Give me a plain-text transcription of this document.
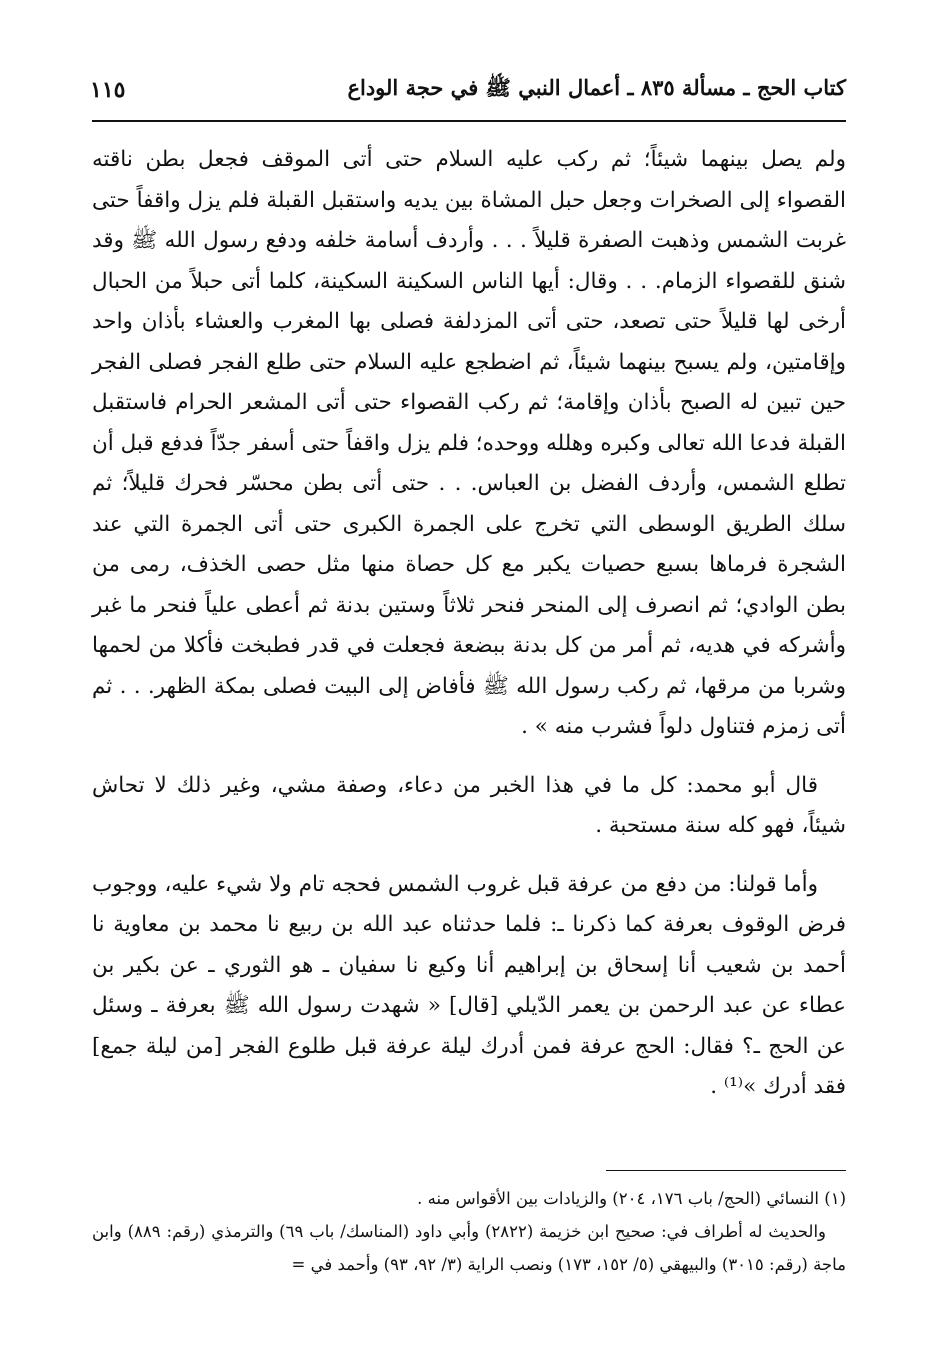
١١٥	كتاب الحج ـ مسألة ٨٣٥ ـ أعمال النبي ﷺ في حجة الوداع

ولم يصل بينهما شيئاً؛ ثم ركب عليه السلام حتى أتى الموقف فجعل بطن ناقته القصواء إلى الصخرات وجعل حبل المشاة بين يديه واستقبل القبلة فلم يزل واقفاً حتى غربت الشمس وذهبت الصفرة قليلاً . . . وأردف أسامة خلفه ودفع رسول الله ﷺ وقد شنق للقصواء الزمام. . . وقال: أيها الناس السكينة السكينة، كلما أتى حبلاً من الحبال أرخى لها قليلاً حتى تصعد، حتى أتى المزدلفة فصلى بها المغرب والعشاء بأذان واحد وإقامتين، ولم يسبح بينهما شيئاً، ثم اضطجع عليه السلام حتى طلع الفجر فصلى الفجر حين تبين له الصبح بأذان وإقامة؛ ثم ركب القصواء حتى أتى المشعر الحرام فاستقبل القبلة فدعا الله تعالى وكبره وهلله ووحده؛ فلم يزل واقفاً حتى أسفر جدّاً فدفع قبل أن تطلع الشمس، وأردف الفضل بن العباس. . . حتى أتى بطن محسّر فحرك قليلاً؛ ثم سلك الطريق الوسطى التي تخرج على الجمرة الكبرى حتى أتى الجمرة التي عند الشجرة فرماها بسبع حصيات يكبر مع كل حصاة منها مثل حصى الخذف، رمى من بطن الوادي؛ ثم انصرف إلى المنحر فنحر ثلاثاً وستين بدنة ثم أعطى علياً فنحر ما غبر وأشركه في هديه، ثم أمر من كل بدنة ببضعة فجعلت في قدر فطبخت فأكلا من لحمها وشربا من مرقها، ثم ركب رسول الله ﷺ فأفاض إلى البيت فصلى بمكة الظهر. . . ثم أتى زمزم فتناول دلواً فشرب منه » .

قال أبو محمد: كل ما في هذا الخبر من دعاء، وصفة مشي، وغير ذلك لا تحاش شيئاً، فهو كله سنة مستحبة .

وأما قولنا: من دفع من عرفة قبل غروب الشمس فحجه تام ولا شيء عليه، ووجوب فرض الوقوف بعرفة كما ذكرنا ـ: فلما حدثناه عبد الله بن ربيع نا محمد بن معاوية نا أحمد بن شعيب أنا إسحاق بن إبراهيم أنا وكيع نا سفيان ـ هو الثوري ـ عن بكير بن عطاء عن عبد الرحمن بن يعمر الدّيلي [قال] « شهدت رسول الله ﷺ بعرفة ـ وسئل عن الحج ـ؟ فقال: الحج عرفة فمن أدرك ليلة عرفة قبل طلوع الفجر [من ليلة جمع] فقد أدرك »⁽¹⁾ .

(١) النسائي (الحج/ باب ١٧٦، ٢٠٤) والزيادات بين الأقواس منه .

والحديث له أطراف في: صحيح ابن خزيمة (٢٨٢٢) وأبي داود (المناسك/ باب ٦٩) والترمذي (رقم: ٨٨٩) وابن ماجة (رقم: ٣٠١٥) والبيهقي (٥/ ١٥٢، ١٧٣) ونصب الراية (٣/ ٩٢، ٩٣) وأحمد في =
